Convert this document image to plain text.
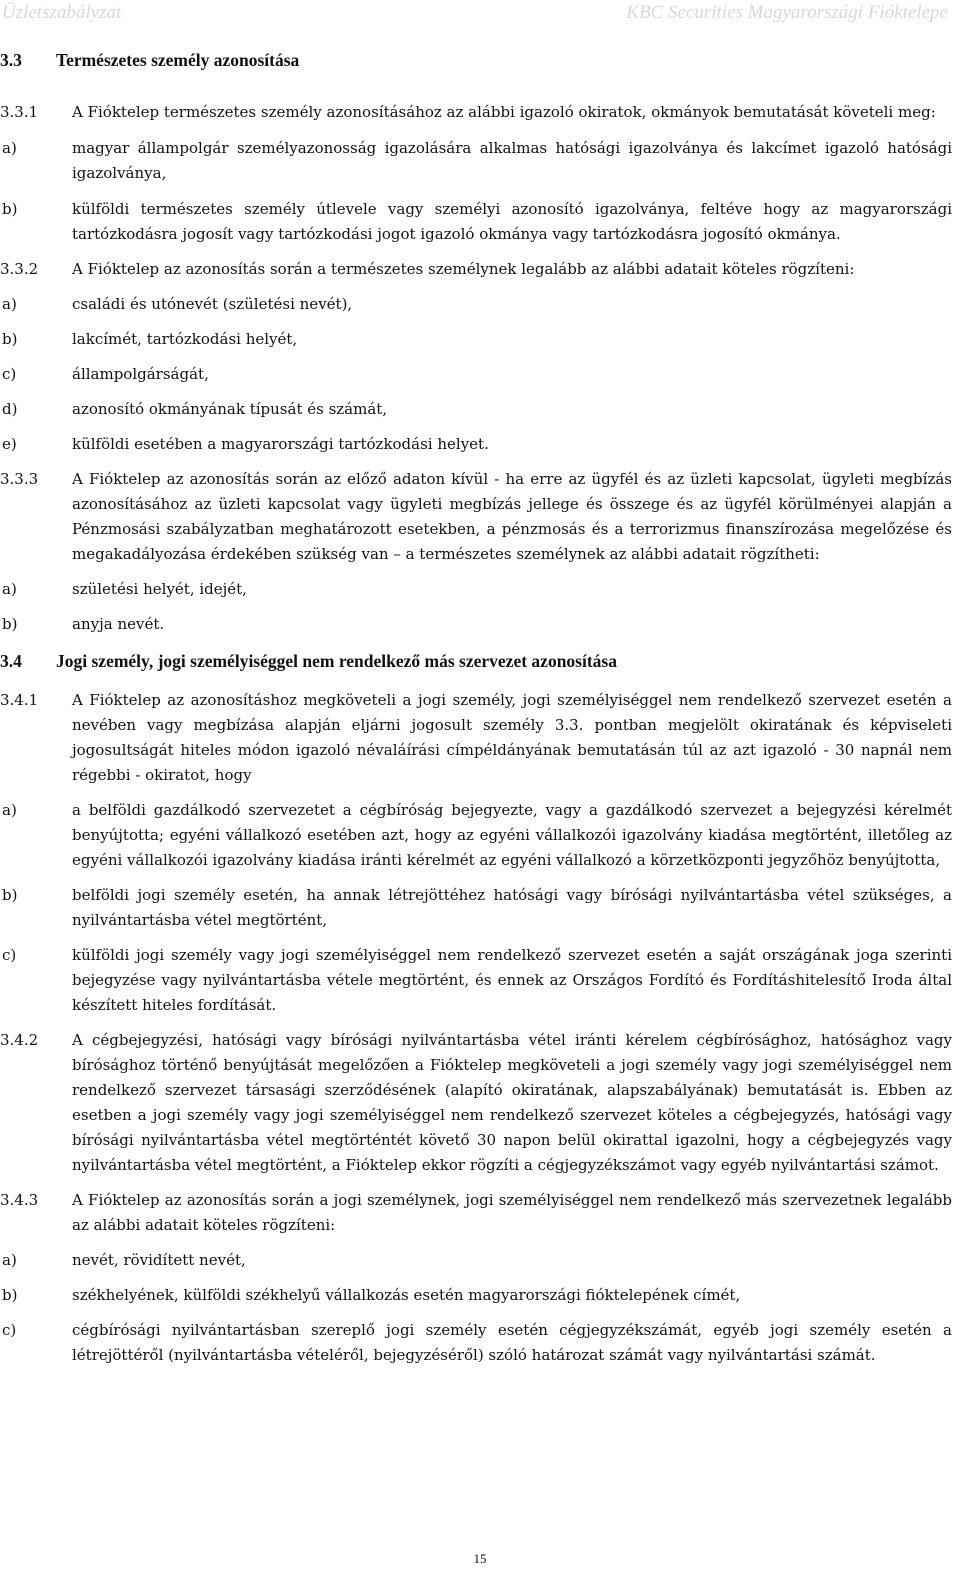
Üzletszabályzat	KBC Securities Magyarországi Fióktelepe
3.3	Természetes személy azonosítása
3.3.1	A Fióktelep természetes személy azonosításához az alábbi igazoló okiratok, okmányok bemutatását követeli meg:
a)	magyar állampolgár személyazonosság igazolására alkalmas hatósági igazolványa és lakcímet igazoló hatósági igazolványa,
b)	külföldi természetes személy útlevele vagy személyi azonosító igazolványa, feltéve hogy az magyarországi tartózkodásra jogosít vagy tartózkodási jogot igazoló okmánya vagy tartózkodásra jogosító okmánya.
3.3.2	A Fióktelep az azonosítás során a természetes személynek legalább az alábbi adatait köteles rögzíteni:
a)	családi és utónevét (születési nevét),
b)	lakcímét, tartózkodási helyét,
c)	állampolgárságát,
d)	azonosító okmányának típusát és számát,
e)	külföldi esetében a magyarországi tartózkodási helyet.
3.3.3	A Fióktelep az azonosítás során az előző adaton kívül - ha erre az ügyfél és az üzleti kapcsolat, ügyleti megbízás azonosításához az üzleti kapcsolat vagy ügyleti megbízás jellege és összege és az ügyfél körülményei alapján a Pénzmosási szabályzatban meghatározott esetekben, a pénzmosás és a terrorizmus finanszírozása megelőzése és megakadályozása érdekében szükség van – a természetes személynek az alábbi adatait rögzítheti:
a)	születési helyét, idejét,
b)	anyja nevét.
3.4	Jogi személy, jogi személyiséggel nem rendelkező más szervezet azonosítása
3.4.1	A Fióktelep az azonosításhoz megköveteli a jogi személy, jogi személyiséggel nem rendelkező szervezet esetén a nevében vagy megbízása alapján eljárni jogosult személy 3.3. pontban megjelölt okiratának és képviseleti jogosultságát hiteles módon igazoló névaláírási címpéldányának bemutatásán túl az azt igazoló - 30 napnál nem régebbi - okiratot, hogy
a)	a belföldi gazdálkodó szervezetet a cégbíróság bejegyezte, vagy a gazdálkodó szervezet a bejegyzési kérelmét benyújtotta; egyéni vállalkozó esetében azt, hogy az egyéni vállalkozói igazolvány kiadása megtörtént, illetőleg az egyéni vállalkozói igazolvány kiadása iránti kérelmét az egyéni vállalkozó a körzetközponti jegyzőhöz benyújtotta,
b)	belföldi jogi személy esetén, ha annak létrejöttéhez hatósági vagy bírósági nyilvántartásba vétel szükséges, a nyilvántartásba vétel megtörtént,
c)	külföldi jogi személy vagy jogi személyiséggel nem rendelkező szervezet esetén a saját országának joga szerinti bejegyzése vagy nyilvántartásba vétele megtörtént, és ennek az Országos Fordító és Fordításhitelesítő Iroda által készített hiteles fordítását.
3.4.2	A cégbejegyzési, hatósági vagy bírósági nyilvántartásba vétel iránti kérelem cégbírósághoz, hatósághoz vagy bírósághoz történő benyújtását megelőzően a Fióktelep megköveteli a jogi személy vagy jogi személyiséggel nem rendelkező szervezet társasági szerződésének (alapító okiratának, alapszabályának) bemutatását is. Ebben az esetben a jogi személy vagy jogi személyiséggel nem rendelkező szervezet köteles a cégbejegyzés, hatósági vagy bírósági nyilvántartásba vétel megtörténtét követő 30 napon belül okirattal igazolni, hogy a cégbejegyzés vagy nyilvántartásba vétel megtörtént, a Fióktelep ekkor rögzíti a cégjegyzékszámot vagy egyéb nyilvántartási számot.
3.4.3	A Fióktelep az azonosítás során a jogi személynek, jogi személyiséggel nem rendelkező más szervezetnek legalább az alábbi adatait köteles rögzíteni:
a)	nevét, rövidített nevét,
b)	székhelyének, külföldi székhelyű vállalkozás esetén magyarországi fióktelepének címét,
c)	cégbírósági nyilvántartásban szereplő jogi személy esetén cégjegyzékszámát, egyéb jogi személy esetén a létrejöttéről (nyilvántartásba vételéről, bejegyzéséről) szóló határozat számát vagy nyilvántartási számát.
15
